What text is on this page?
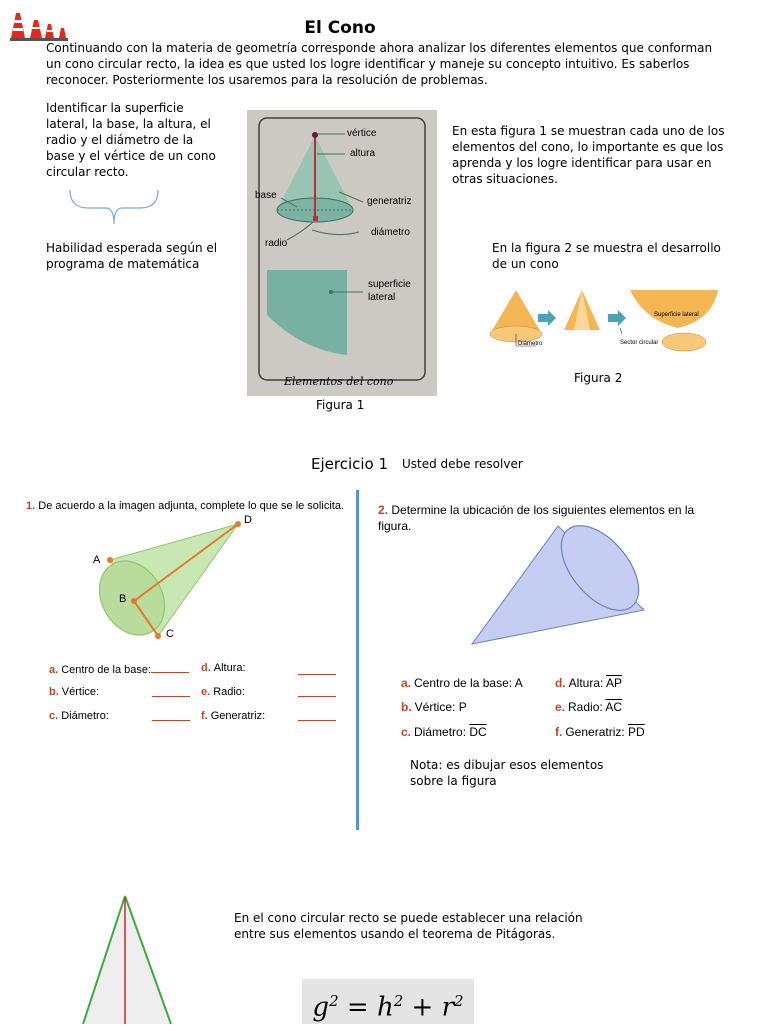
El Cono
Continuando con la materia de geometría corresponde ahora analizar los diferentes elementos que conforman un cono circular recto, la idea es que usted los logre identificar y maneje su concepto intuitivo. Es saberlos reconocer. Posteriormente los usaremos para la resolución de problemas.
Identificar la superficie lateral, la base, la altura, el radio y el diámetro de la base y el vértice de un cono circular recto.
Habilidad esperada según el programa de matemática
vértice
altura
base
generatriz
diámetro
radio
superficie
lateral
Elementos del cono
Figura 1
En esta figura 1 se muestran cada uno de los elementos del cono, lo importante es que los aprenda y los logre identificar para usar en otras situaciones.
En la figura 2 se muestra el desarrollo de un cono
Diámetro
Superficie lateral
Sector circular
Figura 2
Ejercicio 1 Usted debe resolver
1. De acuerdo a la imagen adjunta, complete lo que se le solicita.
D
A
B
C
a. Centro de la base:
b. Vértice:
c. Diámetro:
d. Altura:
e. Radio:
f. Generatriz:
2. Determine la ubicación de los siguientes elementos en la figura.
a. Centro de la base: A
b. Vértice: P
c. Diámetro: $\overline{DC}$
d. Altura: $\overline{AP}$
e. Radio: $\overline{AC}$
f. Generatriz: $\overline{PD}$
Nota: es dibujar esos elementos sobre la figura
En el cono circular recto se puede establecer una relación entre sus elementos usando el teorema de Pitágoras.
$g^2 = h^2 + r^2$
